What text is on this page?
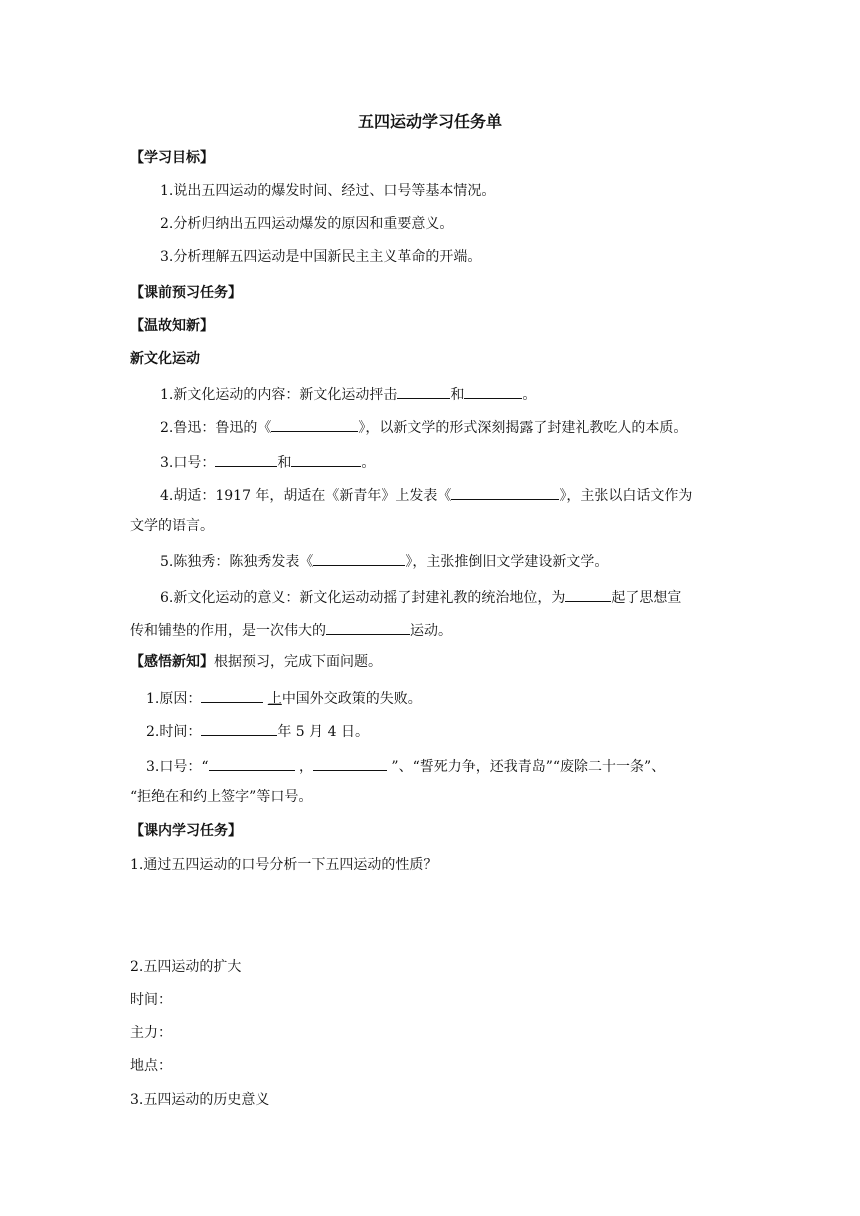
五四运动学习任务单
【学习目标】
1.说出五四运动的爆发时间、经过、口号等基本情况。
2.分析归纳出五四运动爆发的原因和重要意义。
3.分析理解五四运动是中国新民主主义革命的开端。
【课前预习任务】
【温故知新】
新文化运动
1.新文化运动的内容：新文化运动抨击	和	。
2.鲁迅：鲁迅的《	》，以新文学的形式深刻揭露了封建礼教吃人的本质。
3.口号：	和	。
4.胡适：1917 年，胡适在《新青年》上发表《	》，主张以白话文作为
文学的语言。
5.陈独秀：陈独秀发表《	》，主张推倒旧文学建设新文学。
6.新文化运动的意义：新文化运动动摇了封建礼教的统治地位，为	起了思想宣
传和铺垫的作用，是一次伟大的	运动。
【感悟新知】根据预习，完成下面问题。
1.原因：	上中国外交政策的失败。
2.时间：	年 5 月 4 日。
3.口号：“	，	”、“誓死力争，还我青岛”“废除二十一条”、
“拒绝在和约上签字”等口号。
【课内学习任务】
1.通过五四运动的口号分析一下五四运动的性质？
2.五四运动的扩大
时间：
主力：
地点：
3.五四运动的历史意义
